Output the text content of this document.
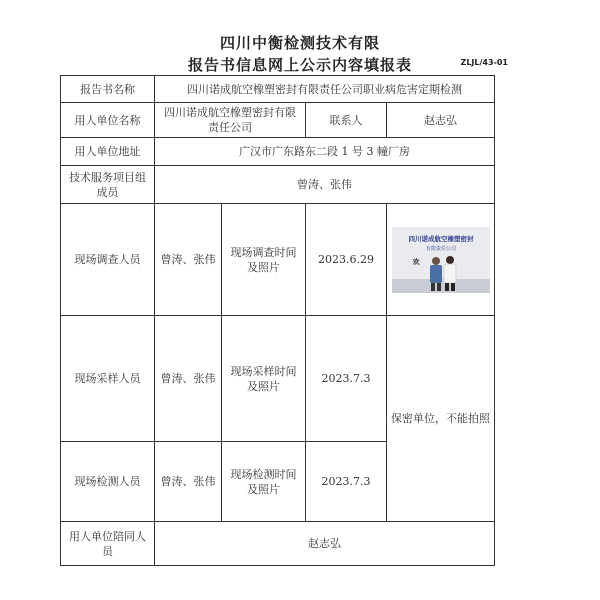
四川中衡检测技术有限
报告书信息网上公示内容填报表	ZLJL/43-01
报告书名称	四川诺成航空橡塑密封有限责任公司职业病危害定期检测			
用人单位名称	四川诺成航空橡塑密封有限责任公司		联系人	赵志弘
用人单位地址	广汉市广东路东二段 1 号 3 幢厂房			
技术服务项目组成员	曾涛、张伟			
现场调查人员	曾涛、张伟	现场调查时间及照片	2023.6.29	四川诺成航空橡塑密封
有限责任公司
欢

现场采样人员	曾涛、张伟	现场采样时间及照片	2023.7.3	保密单位，不能拍照
现场检测人员	曾涛、张伟	现场检测时间及照片	2023.7.3	
用人单位陪同人员	赵志弘			
